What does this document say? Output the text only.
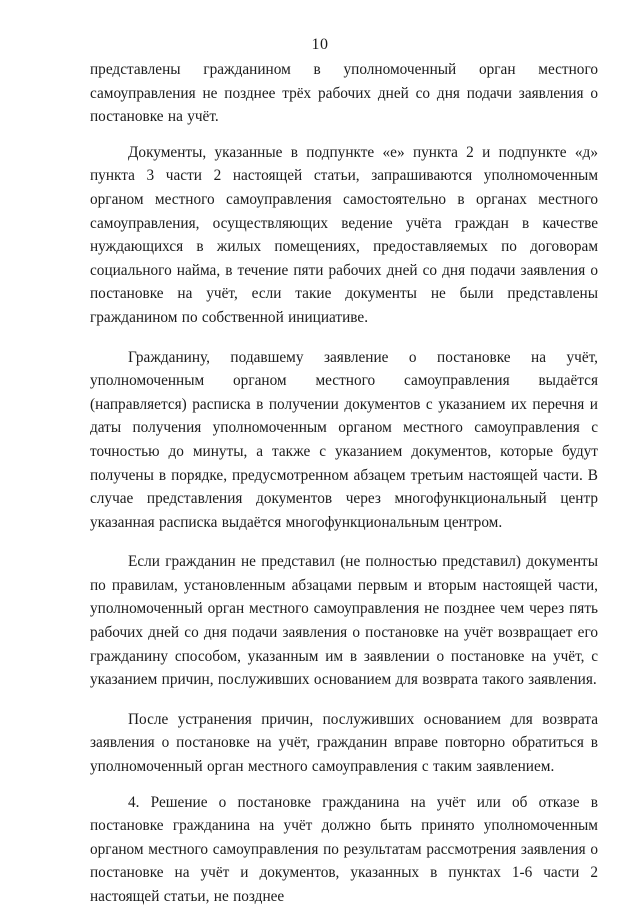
10

представлены гражданином в уполномоченный орган местного самоуправления не позднее трёх рабочих дней со дня подачи заявления о постановке на учёт.

Документы, указанные в подпункте «е» пункта 2 и подпункте «д» пункта 3 части 2 настоящей статьи, запрашиваются уполномоченным органом местного самоуправления самостоятельно в органах местного самоуправления, осуществляющих ведение учёта граждан в качестве нуждающихся в жилых помещениях, предоставляемых по договорам социального найма, в течение пяти рабочих дней со дня подачи заявления о постановке на учёт, если такие документы не были представлены гражданином по собственной инициативе.

Гражданину, подавшему заявление о постановке на учёт, уполномоченным органом местного самоуправления выдаётся (направляется) расписка в получении документов с указанием их перечня и даты получения уполномоченным органом местного самоуправления с точностью до минуты, а также с указанием документов, которые будут получены в порядке, предусмотренном абзацем третьим настоящей части. В случае представления документов через многофункциональный центр указанная расписка выдаётся многофункциональным центром.

Если гражданин не представил (не полностью представил) документы по правилам, установленным абзацами первым и вторым настоящей части, уполномоченный орган местного самоуправления не позднее чем через пять рабочих дней со дня подачи заявления о постановке на учёт возвращает его гражданину способом, указанным им в заявлении о постановке на учёт, с указанием причин, послуживших основанием для возврата такого заявления.

После устранения причин, послуживших основанием для возврата заявления о постановке на учёт, гражданин вправе повторно обратиться в уполномоченный орган местного самоуправления с таким заявлением.

4. Решение о постановке гражданина на учёт или об отказе в постановке гражданина на учёт должно быть принято уполномоченным органом местного самоуправления по результатам рассмотрения заявления о постановке на учёт и документов, указанных в пунктах 1-6 части 2 настоящей статьи, не позднее
